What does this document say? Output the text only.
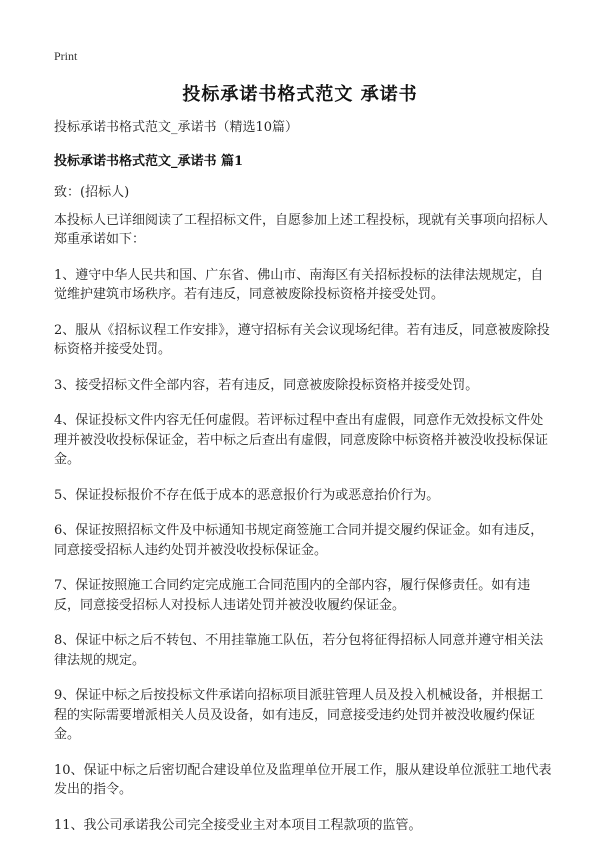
Print
投标承诺书格式范文 承诺书

投标承诺书格式范文_承诺书（精选10篇）

投标承诺书格式范文_承诺书 篇1

致：(招标人)

本投标人已详细阅读了工程招标文件，自愿参加上述工程投标，现就有关事项向招标人郑重承诺如下：

1、遵守中华人民共和国、广东省、佛山市、南海区有关招标投标的法律法规规定，自觉维护建筑市场秩序。若有违反，同意被废除投标资格并接受处罚。

2、服从《招标议程工作安排》，遵守招标有关会议现场纪律。若有违反，同意被废除投标资格并接受处罚。

3、接受招标文件全部内容，若有违反，同意被废除投标资格并接受处罚。

4、保证投标文件内容无任何虚假。若评标过程中查出有虚假，同意作无效投标文件处理并被没收投标保证金，若中标之后查出有虚假，同意废除中标资格并被没收投标保证金。

5、保证投标报价不存在低于成本的恶意报价行为或恶意抬价行为。

6、保证按照招标文件及中标通知书规定商签施工合同并提交履约保证金。如有违反，同意接受招标人违约处罚并被没收投标保证金。

7、保证按照施工合同约定完成施工合同范围内的全部内容，履行保修责任。如有违反，同意接受招标人对投标人违诺处罚并被没收履约保证金。

8、保证中标之后不转包、不用挂靠施工队伍，若分包将征得招标人同意并遵守相关法律法规的规定。

9、保证中标之后按投标文件承诺向招标项目派驻管理人员及投入机械设备，并根据工程的实际需要增派相关人员及设备，如有违反，同意接受违约处罚并被没收履约保证金。

10、保证中标之后密切配合建设单位及监理单位开展工作，服从建设单位派驻工地代表发出的指令。

11、我公司承诺我公司完全接受业主对本项目工程款项的监管。
